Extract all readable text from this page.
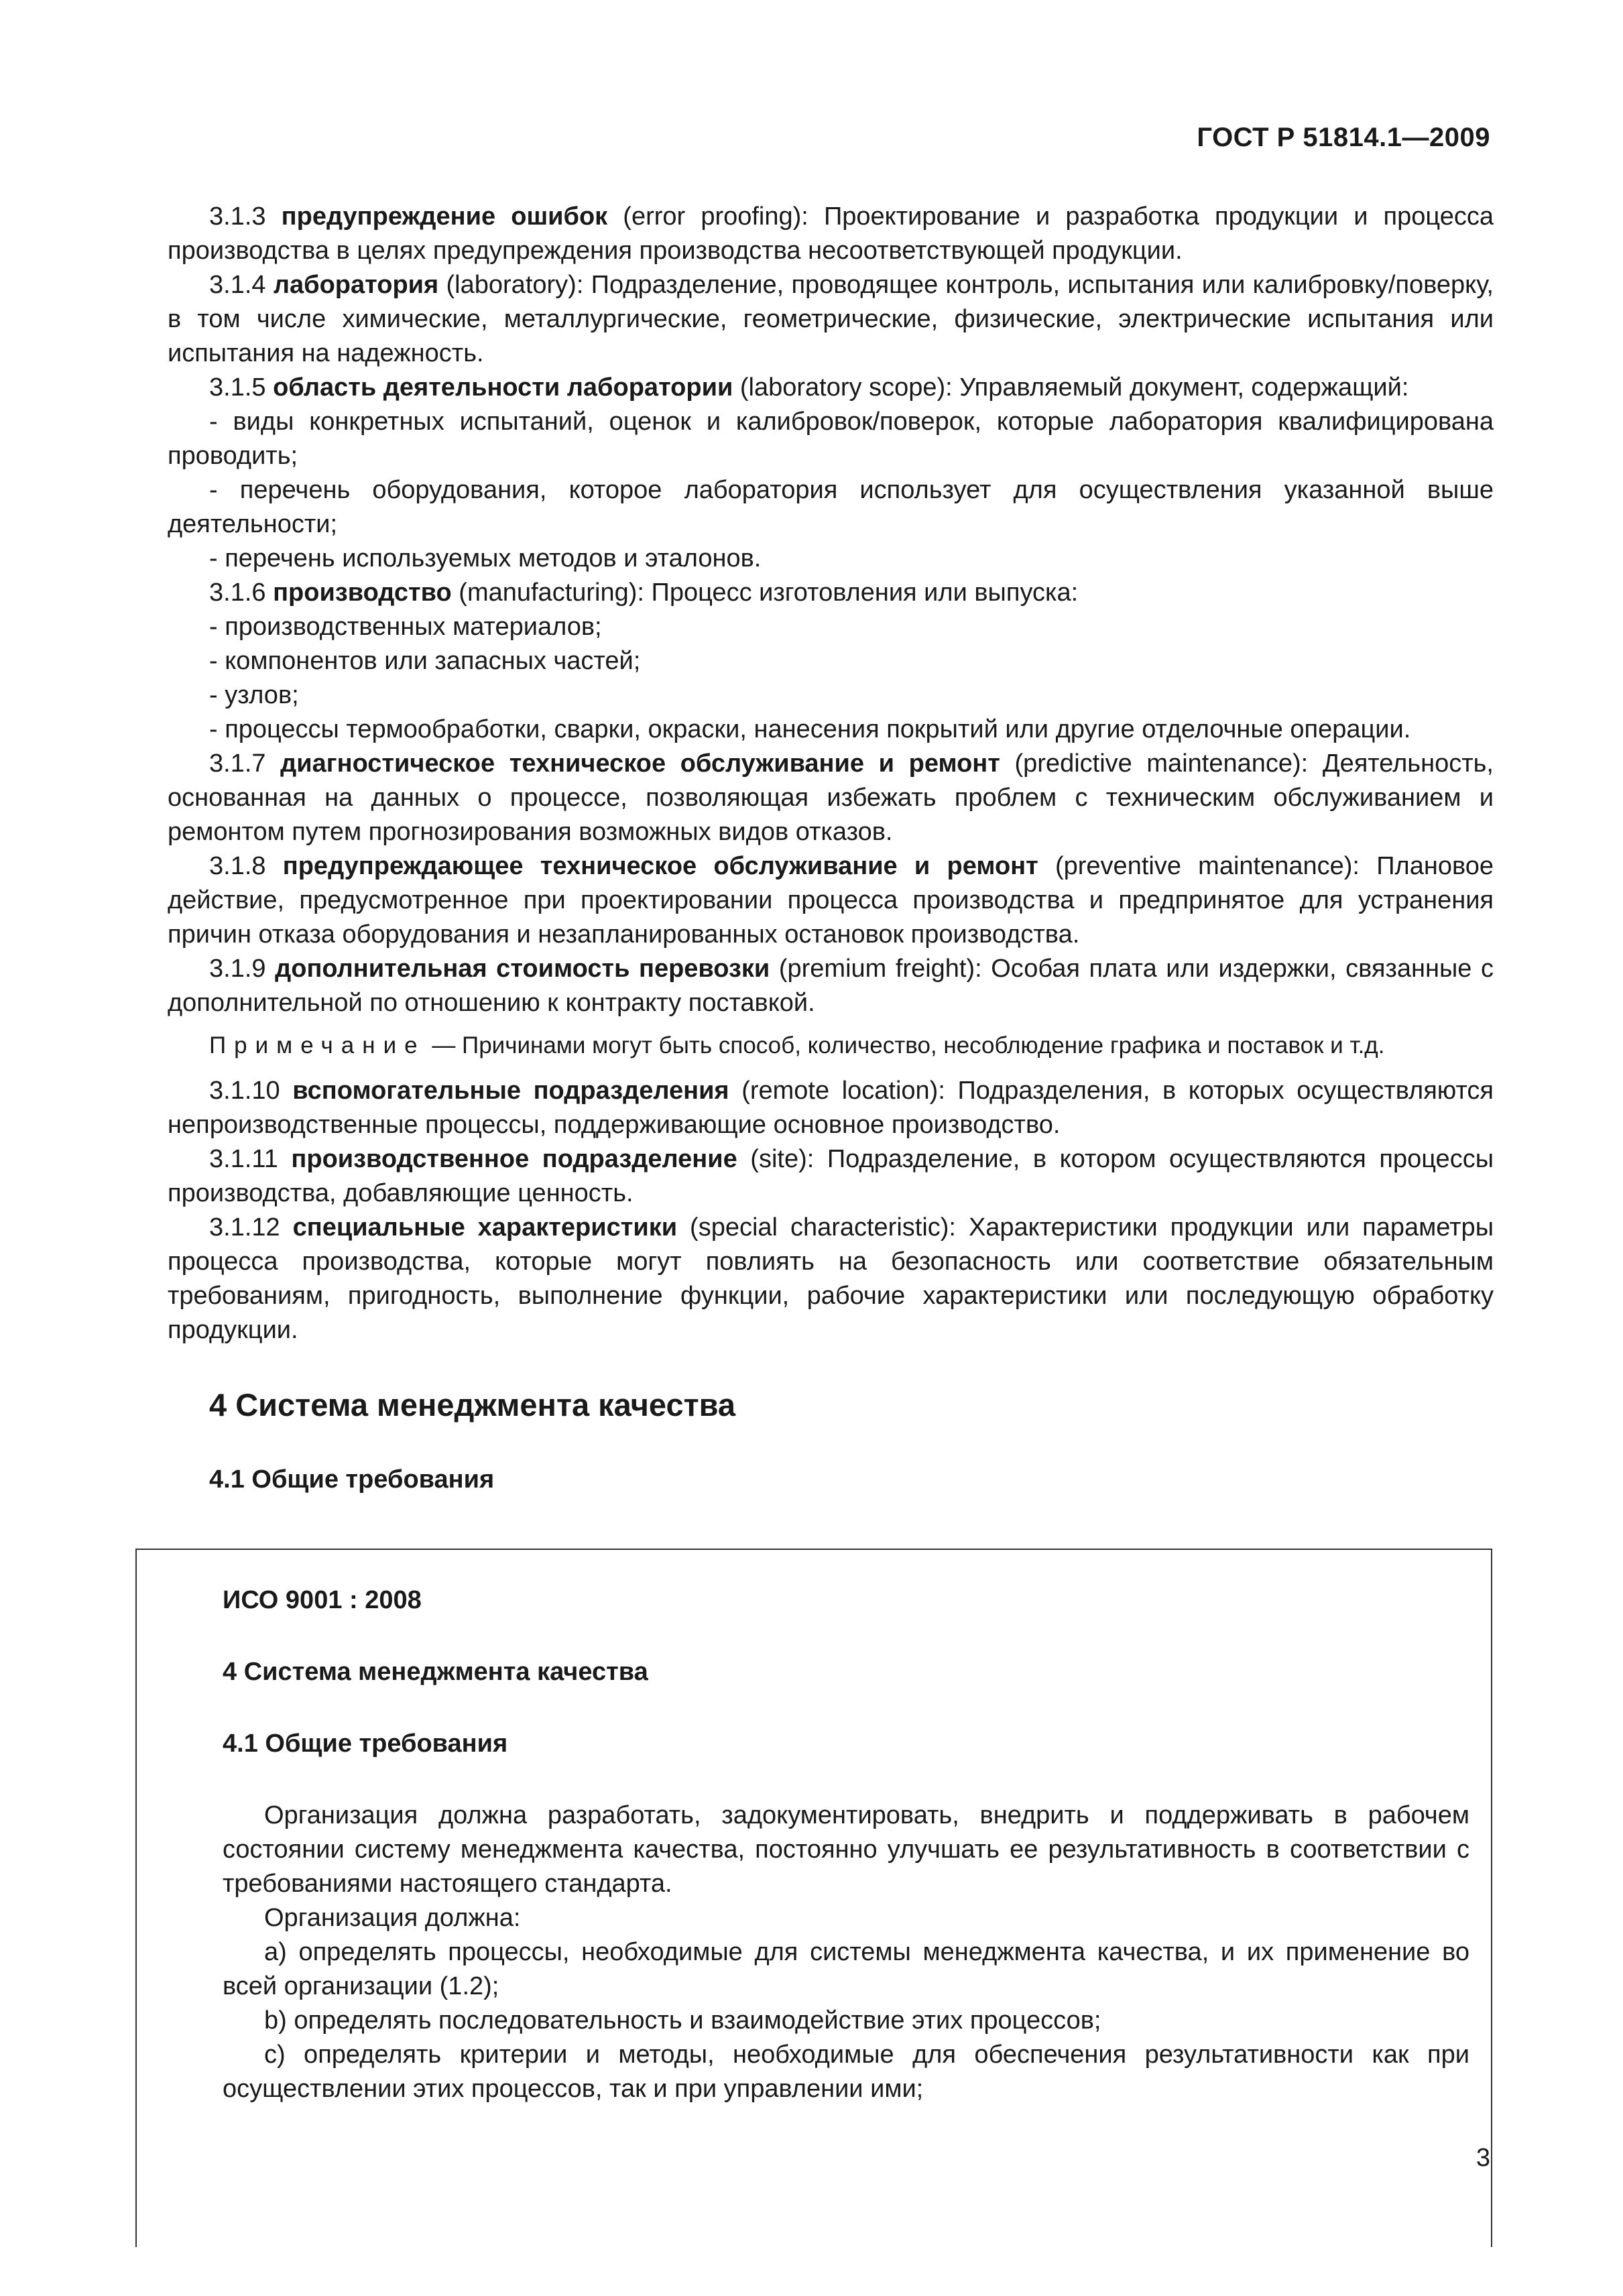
ГОСТ Р 51814.1—2009

3.1.3 предупреждение ошибок (error proofing): Проектирование и разработка продукции и процесса производства в целях предупреждения производства несоответствующей продукции.

3.1.4 лаборатория (laboratory): Подразделение, проводящее контроль, испытания или калибровку/поверку, в том числе химические, металлургические, геометрические, физические, электрические испытания или испытания на надежность.

3.1.5 область деятельности лаборатории (laboratory scope): Управляемый документ, содержащий:

- виды конкретных испытаний, оценок и калибровок/поверок, которые лаборатория квалифицирована проводить;

- перечень оборудования, которое лаборатория использует для осуществления указанной выше деятельности;

- перечень используемых методов и эталонов.

3.1.6 производство (manufacturing): Процесс изготовления или выпуска:

- производственных материалов;

- компонентов или запасных частей;

- узлов;

- процессы термообработки, сварки, окраски, нанесения покрытий или другие отделочные операции.

3.1.7 диагностическое техническое обслуживание и ремонт (predictive maintenance): Деятельность, основанная на данных о процессе, позволяющая избежать проблем с техническим обслуживанием и ремонтом путем прогнозирования возможных видов отказов.

3.1.8 предупреждающее техническое обслуживание и ремонт (preventive maintenance): Плановое действие, предусмотренное при проектировании процесса производства и предпринятое для устранения причин отказа оборудования и незапланированных остановок производства.

3.1.9 дополнительная стоимость перевозки (premium freight): Особая плата или издержки, связанные с дополнительной по отношению к контракту поставкой.

Примечание — Причинами могут быть способ, количество, несоблюдение графика и поставок и т.д.

3.1.10 вспомогательные подразделения (remote location): Подразделения, в которых осуществляются непроизводственные процессы, поддерживающие основное производство.

3.1.11 производственное подразделение (site): Подразделение, в котором осуществляются процессы производства, добавляющие ценность.

3.1.12 специальные характеристики (special characteristic): Характеристики продукции или параметры процесса производства, которые могут повлиять на безопасность или соответствие обязательным требованиям, пригодность, выполнение функции, рабочие характеристики или последующую обработку продукции.

4 Система менеджмента качества
4.1 Общие требования
ИСО 9001 : 2008
4 Система менеджмента качества
4.1 Общие требования

Организация должна разработать, задокументировать, внедрить и поддерживать в рабочем состоянии систему менеджмента качества, постоянно улучшать ее результативность в соответствии с требованиями настоящего стандарта.

Организация должна:

a) определять процессы, необходимые для системы менеджмента качества, и их применение во всей организации (1.2);

b) определять последовательность и взаимодействие этих процессов;

c) определять критерии и методы, необходимые для обеспечения результативности как при осуществлении этих процессов, так и при управлении ими;

3
